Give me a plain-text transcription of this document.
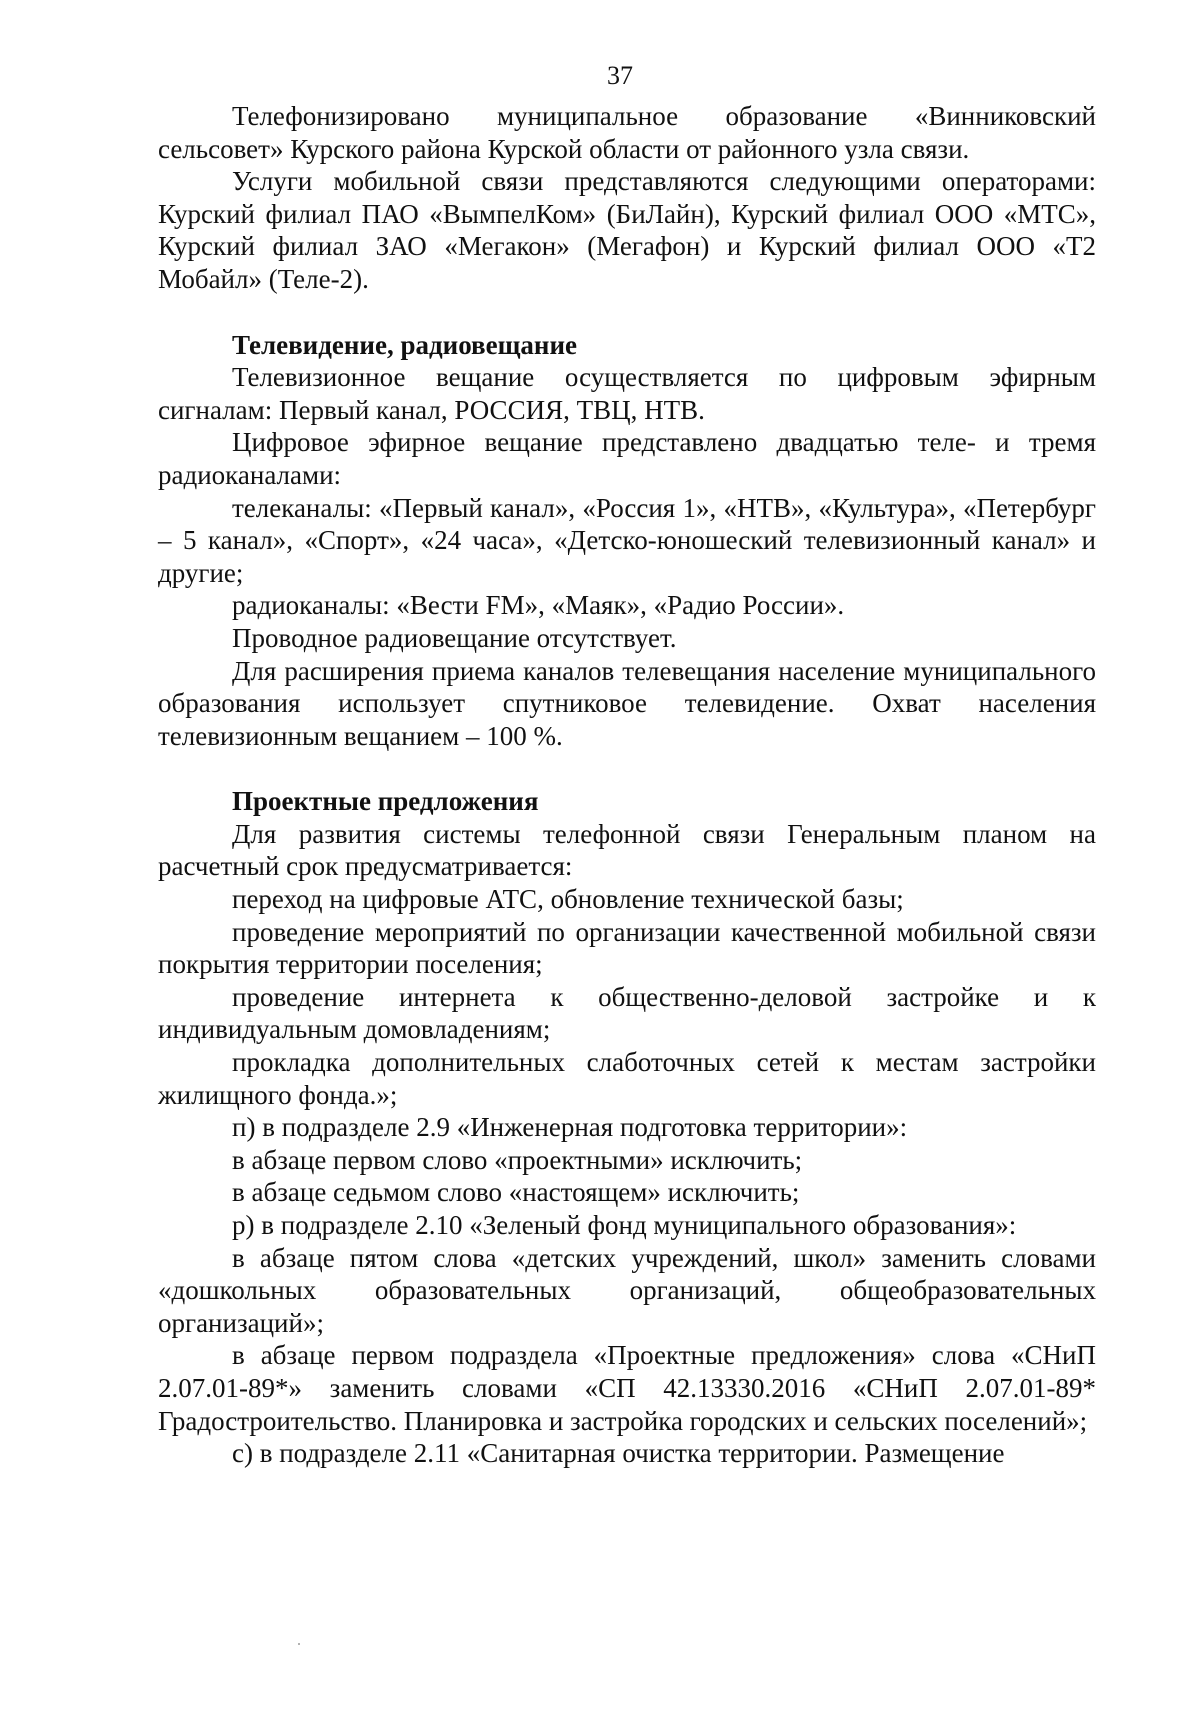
37

Телефонизировано муниципальное образование «Винниковский сельсовет» Курского района Курской области от районного узла связи.

Услуги мобильной связи представляются следующими операторами: Курский филиал ПАО «ВымпелКом» (БиЛайн), Курский филиал ООО «МТС», Курский филиал ЗАО «Мегакон» (Мегафон) и Курский филиал ООО «Т2 Мобайл» (Теле-2).

Телевидение, радиовещание

Телевизионное вещание осуществляется по цифровым эфирным сигналам: Первый канал, РОССИЯ, ТВЦ, НТВ.

Цифровое эфирное вещание представлено двадцатью теле- и тремя радиоканалами:

телеканалы: «Первый канал», «Россия 1», «НТВ», «Культура», «Петербург – 5 канал», «Спорт», «24 часа», «Детско-юношеский телевизионный канал» и другие;

радиоканалы: «Вести FM», «Маяк», «Радио России».

Проводное радиовещание отсутствует.

Для расширения приема каналов телевещания население муниципального образования использует спутниковое телевидение. Охват населения телевизионным вещанием – 100 %.

Проектные предложения

Для развития системы телефонной связи Генеральным планом на расчетный срок предусматривается:

переход на цифровые АТС, обновление технической базы;

проведение мероприятий по организации качественной мобильной связи покрытия территории поселения;

проведение интернета к общественно-деловой застройке и к индивидуальным домовладениям;

прокладка дополнительных слаботочных сетей к местам застройки жилищного фонда.»;

п) в подразделе 2.9 «Инженерная подготовка территории»:

в абзаце первом слово «проектными» исключить;

в абзаце седьмом слово «настоящем» исключить;

р) в подразделе 2.10 «Зеленый фонд муниципального образования»:

в абзаце пятом слова «детских учреждений, школ» заменить словами «дошкольных образовательных организаций, общеобразовательных организаций»;

в абзаце первом подраздела «Проектные предложения» слова «СНиП 2.07.01-89*» заменить словами «СП 42.13330.2016 «СНиП 2.07.01-89* Градостроительство. Планировка и застройка городских и сельских поселений»;

с) в подразделе 2.11 «Санитарная очистка территории. Размещение
